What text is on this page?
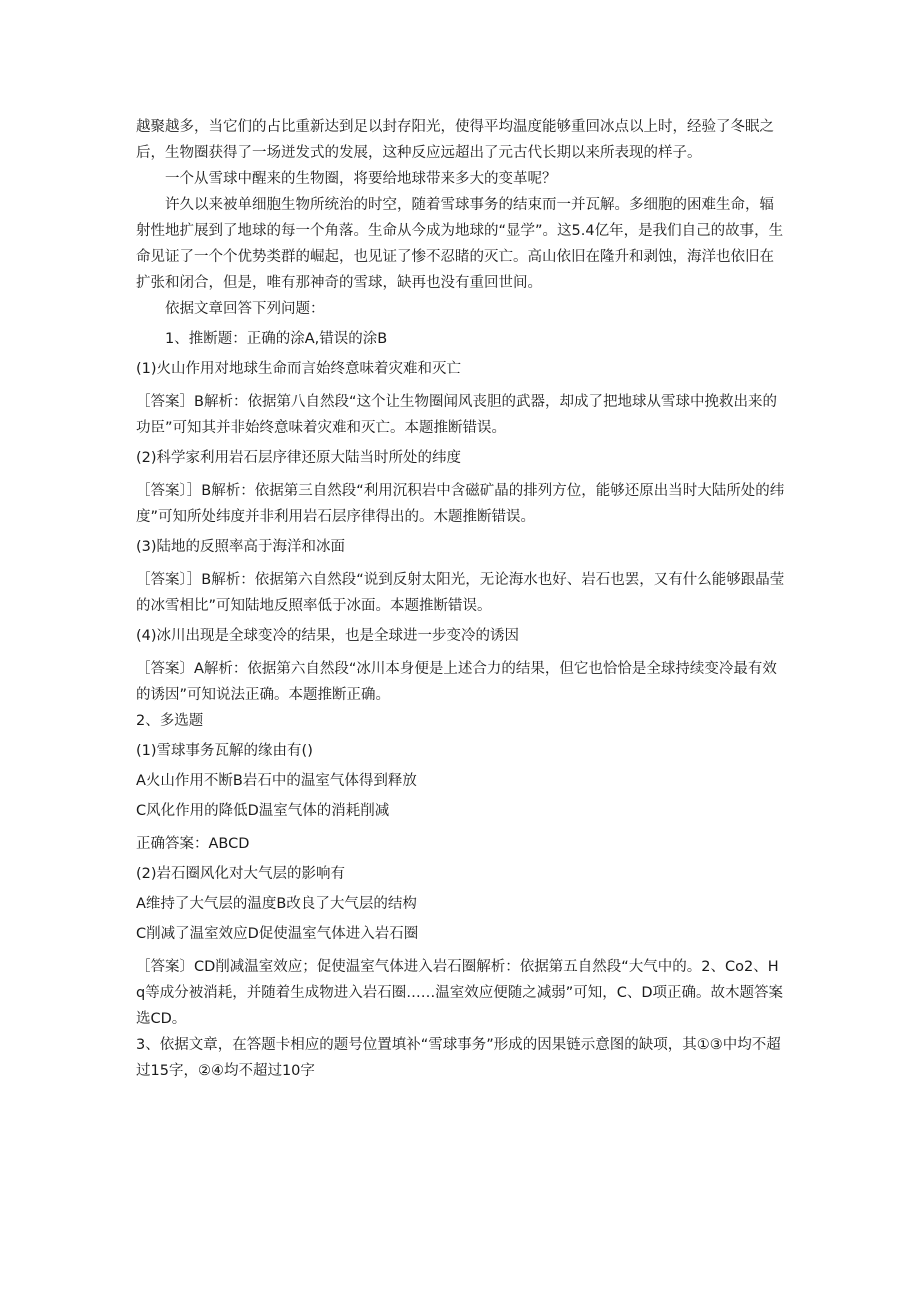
越聚越多，当它们的占比重新达到足以封存阳光，使得平均温度能够重回冰点以上时，经验了冬眠之后，生物圈获得了一场迸发式的发展，这种反应远超出了元古代长期以来所表现的样子。

一个从雪球中醒来的生物圈，将要给地球带来多大的变革呢？

许久以来被单细胞生物所统治的时空，随着雪球事务的结束而一并瓦解。多细胞的困难生命，辐射性地扩展到了地球的每一个角落。生命从今成为地球的“显学”。这5.4亿年，是我们自己的故事，生命见证了一个个优势类群的崛起，也见证了惨不忍睹的灭亡。高山依旧在隆升和剥蚀，海洋也依旧在扩张和闭合，但是，唯有那神奇的雪球，缺再也没有重回世间。

依据文章回答下列问题：

1、推断题：正确的涂A,错误的涂B

(1)火山作用对地球生命而言始终意味着灾难和灭亡

［答案］B解析：依据第八自然段“这个让生物圈闻风丧胆的武器，却成了把地球从雪球中挽救出来的功臣”可知其并非始终意味着灾难和灭亡。本题推断错误。

(2)科学家利用岩石层序律还原大陆当时所处的纬度

［答案〕］B解析：依据第三自然段“利用沉积岩中含磁矿晶的排列方位，能够还原出当时大陆所处的纬度”可知所处纬度并非利用岩石层序律得出的。木题推断错误。

(3)陆地的反照率高于海洋和冰面

［答案〕］B解析：依据第六自然段“说到反射太阳光，无论海水也好、岩石也罢，又有什么能够跟晶莹的冰雪相比”可知陆地反照率低于冰面。本题推断错误。

(4)冰川出现是全球变冷的结果，也是全球进一步变冷的诱因

［答案〕A解析：依据第六自然段“冰川本身便是上述合力的结果，但它也恰恰是全球持续变冷最有效的诱因”可知说法正确。本题推断正确。

2、多选题

(1)雪球事务瓦解的缘由有()

A火山作用不断B岩石中的温室气体得到释放

C风化作用的降低D温室气体的消耗削减

正确答案：ABCD

(2)岩石圈风化对大气层的影响有

A维持了大气层的温度B改良了大气层的结构

C削减了温室效应D促使温室气体进入岩石圈

［答案〕CD削减温室效应；促使温室气体进入岩石圈解析：依据第五自然段“大气中的。2、Co2、Hq等成分被消耗，并随着生成物进入岩石圈……温室效应便随之减弱”可知，C、D项正确。故木题答案选CD。

3、依据文章，在答题卡相应的题号位置填补“雪球事务”形成的因果链示意图的缺项，其①③中均不超过15字，②④均不超过10字
